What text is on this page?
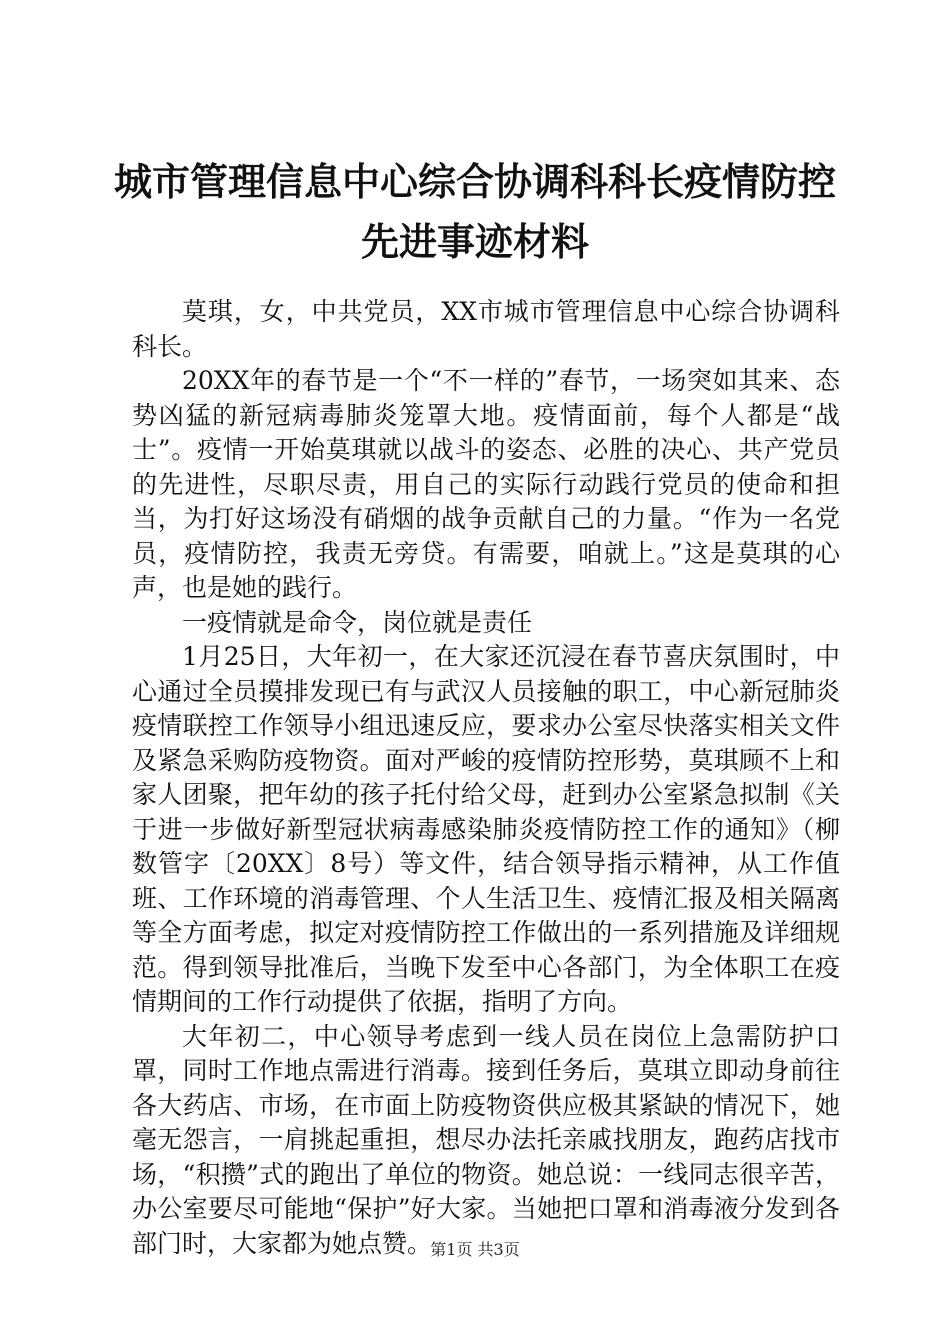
城市管理信息中心综合协调科科长疫情防控先进事迹材料

莫琪，女，中共党员，XX市城市管理信息中心综合协调科科长。

20XX年的春节是一个“不一样的”春节，一场突如其来、态势凶猛的新冠病毒肺炎笼罩大地。疫情面前，每个人都是“战士”。疫情一开始莫琪就以战斗的姿态、必胜的决心、共产党员的先进性，尽职尽责，用自己的实际行动践行党员的使命和担当，为打好这场没有硝烟的战争贡献自己的力量。“作为一名党员，疫情防控，我责无旁贷。有需要，咱就上。”这是莫琪的心声，也是她的践行。

一疫情就是命令，岗位就是责任

1月25日，大年初一，在大家还沉浸在春节喜庆氛围时，中心通过全员摸排发现已有与武汉人员接触的职工，中心新冠肺炎疫情联控工作领导小组迅速反应，要求办公室尽快落实相关文件及紧急采购防疫物资。面对严峻的疫情防控形势，莫琪顾不上和家人团聚，把年幼的孩子托付给父母，赶到办公室紧急拟制《关于进一步做好新型冠状病毒感染肺炎疫情防控工作的通知》（柳数管字〔20XX〕8号）等文件，结合领导指示精神，从工作值班、工作环境的消毒管理、个人生活卫生、疫情汇报及相关隔离等全方面考虑，拟定对疫情防控工作做出的一系列措施及详细规范。得到领导批准后，当晚下发至中心各部门，为全体职工在疫情期间的工作行动提供了依据，指明了方向。

大年初二，中心领导考虑到一线人员在岗位上急需防护口罩，同时工作地点需进行消毒。接到任务后，莫琪立即动身前往各大药店、市场，在市面上防疫物资供应极其紧缺的情况下，她毫无怨言，一肩挑起重担，想尽办法托亲戚找朋友，跑药店找市场，“积攒”式的跑出了单位的物资。她总说：一线同志很辛苦，办公室要尽可能地“保护”好大家。当她把口罩和消毒液分发到各部门时，大家都为她点赞。

第1页 共3页
